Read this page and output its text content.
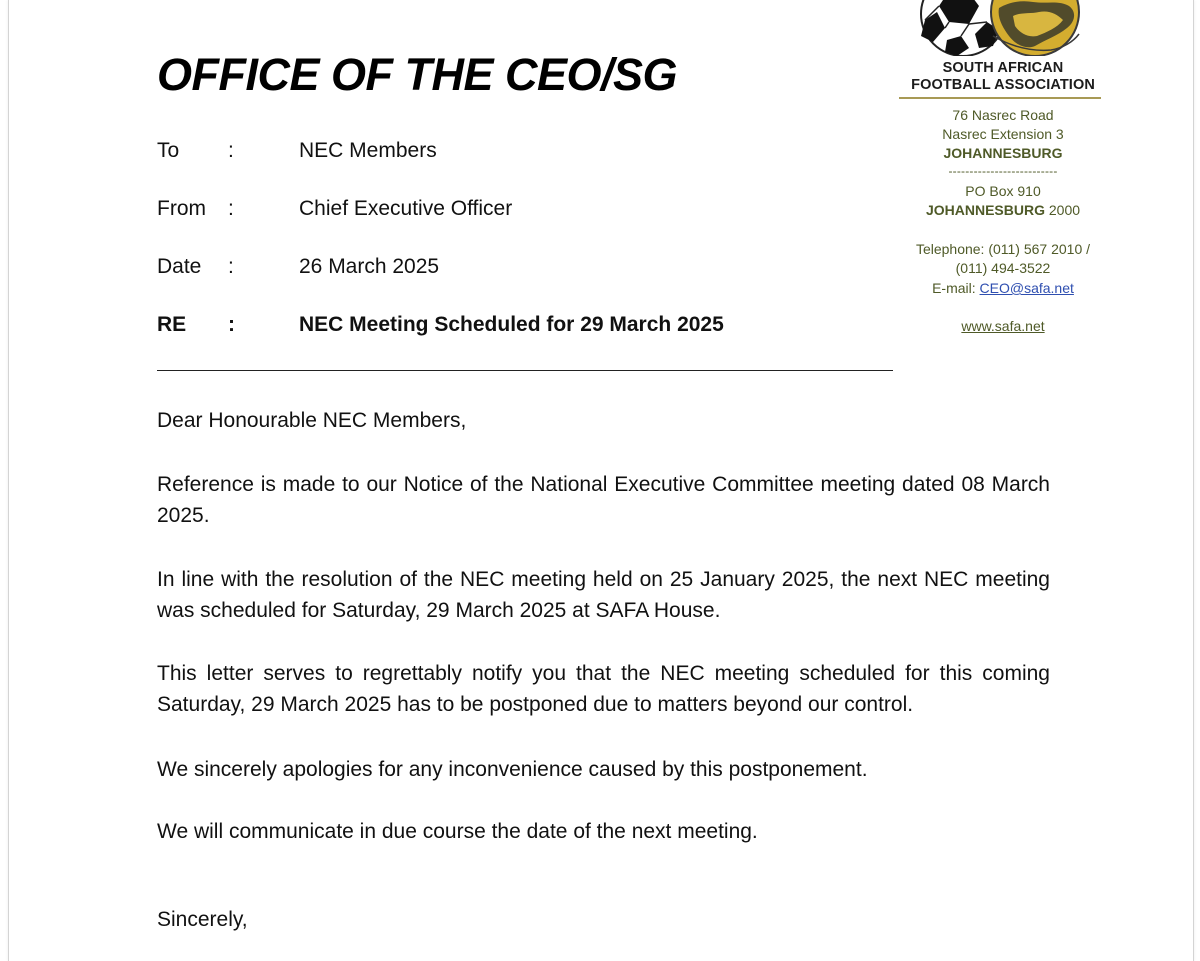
SOUTH AFRICAN
FOOTBALL ASSOCIATION
76 Nasrec Road
Nasrec Extension 3
JOHANNESBURG
--------------------------
PO Box 910
JOHANNESBURG 2000
Telephone: (011) 567 2010 /
(011) 494-3522
E-mail: CEO@safa.net
www.safa.net
OFFICE OF THE CEO/SG
To :	NEC Members
From :	Chief Executive Officer
Date :	26 March 2025
RE :	NEC Meeting Scheduled for 29 March 2025

Dear Honourable NEC Members,

Reference is made to our Notice of the National Executive Committee meeting dated 08 March 2025.

In line with the resolution of the NEC meeting held on 25 January 2025, the next NEC meeting was scheduled for Saturday, 29 March 2025 at SAFA House.

This letter serves to regrettably notify you that the NEC meeting scheduled for this coming Saturday, 29 March 2025 has to be postponed due to matters beyond our control.

We sincerely apologies for any inconvenience caused by this postponement.

We will communicate in due course the date of the next meeting.

Sincerely,
